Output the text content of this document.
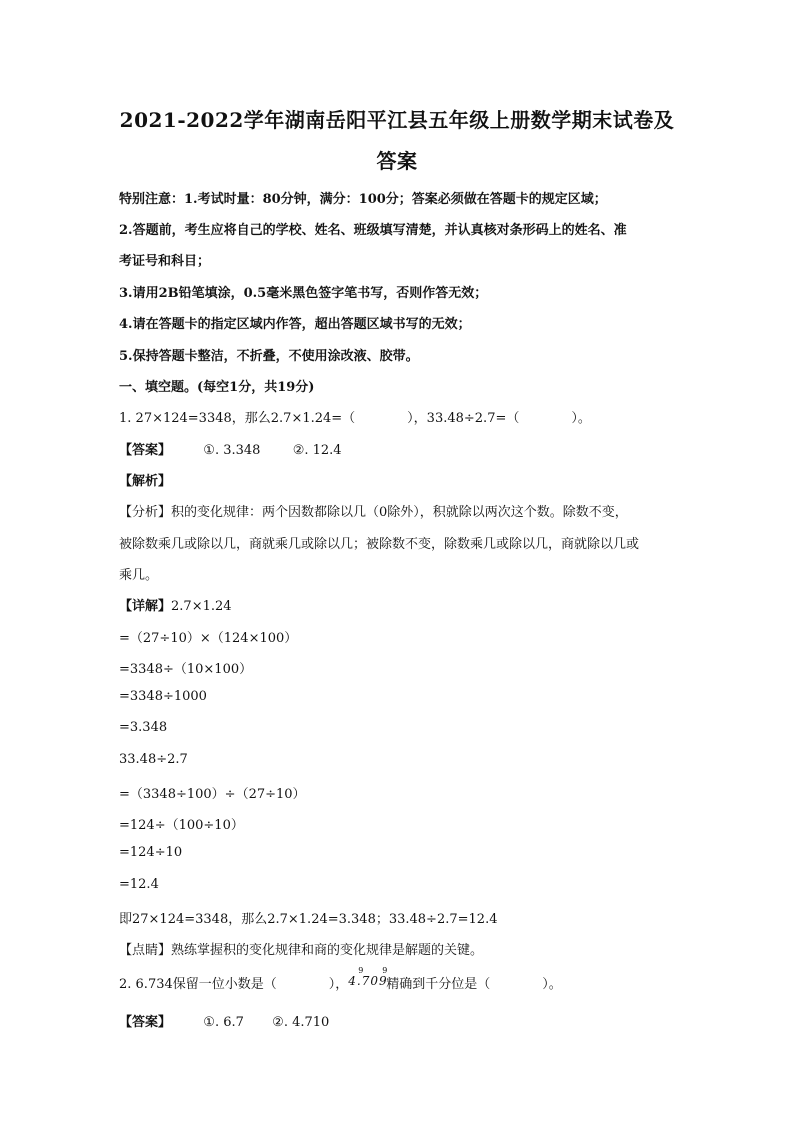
2021-2022学年湖南岳阳平江县五年级上册数学期末试卷及
答案
特别注意：1.考试时量：80分钟，满分：100分；答案必须做在答题卡的规定区域；
2.答题前，考生应将自己的学校、姓名、班级填写清楚，并认真核对条形码上的姓名、准
考证号和科目；
3.请用2B铅笔填涂，0.5毫米黑色签字笔书写，否则作答无效；
4.请在答题卡的指定区域内作答，超出答题区域书写的无效；
5.保持答题卡整洁，不折叠，不使用涂改液、胶带。
一、填空题。(每空1分，共19分)
1. 27×124=3348，那么2.7×1.24=（　　　　），33.48÷2.7=（　　　　）。
【答案】 ①. 3.348 ②. 12.4
【解析】
【分析】积的变化规律：两个因数都除以几（0除外），积就除以两次这个数。除数不变，
被除数乘几或除以几，商就乘几或除以几；被除数不变，除数乘几或除以几，商就除以几或
乘几。
【详解】2.7×1.24
=（27÷10）×（124×100）
=3348÷（10×100）
=3348÷1000
=3.348
33.48÷2.7
=（3348÷100）÷（27÷10）
=124÷（100÷10）
=124÷10
=12.4
即27×124=3348，那么2.7×1.24=3.348；33.48÷2.7=12.4
【点睛】熟练掌握积的变化规律和商的变化规律是解题的关键。
2. 6.734保留一位小数是（　　　　），
9
4.709
9
精确到千分位是（　　　　）。
【答案】 ①. 6.7 ②. 4.710
